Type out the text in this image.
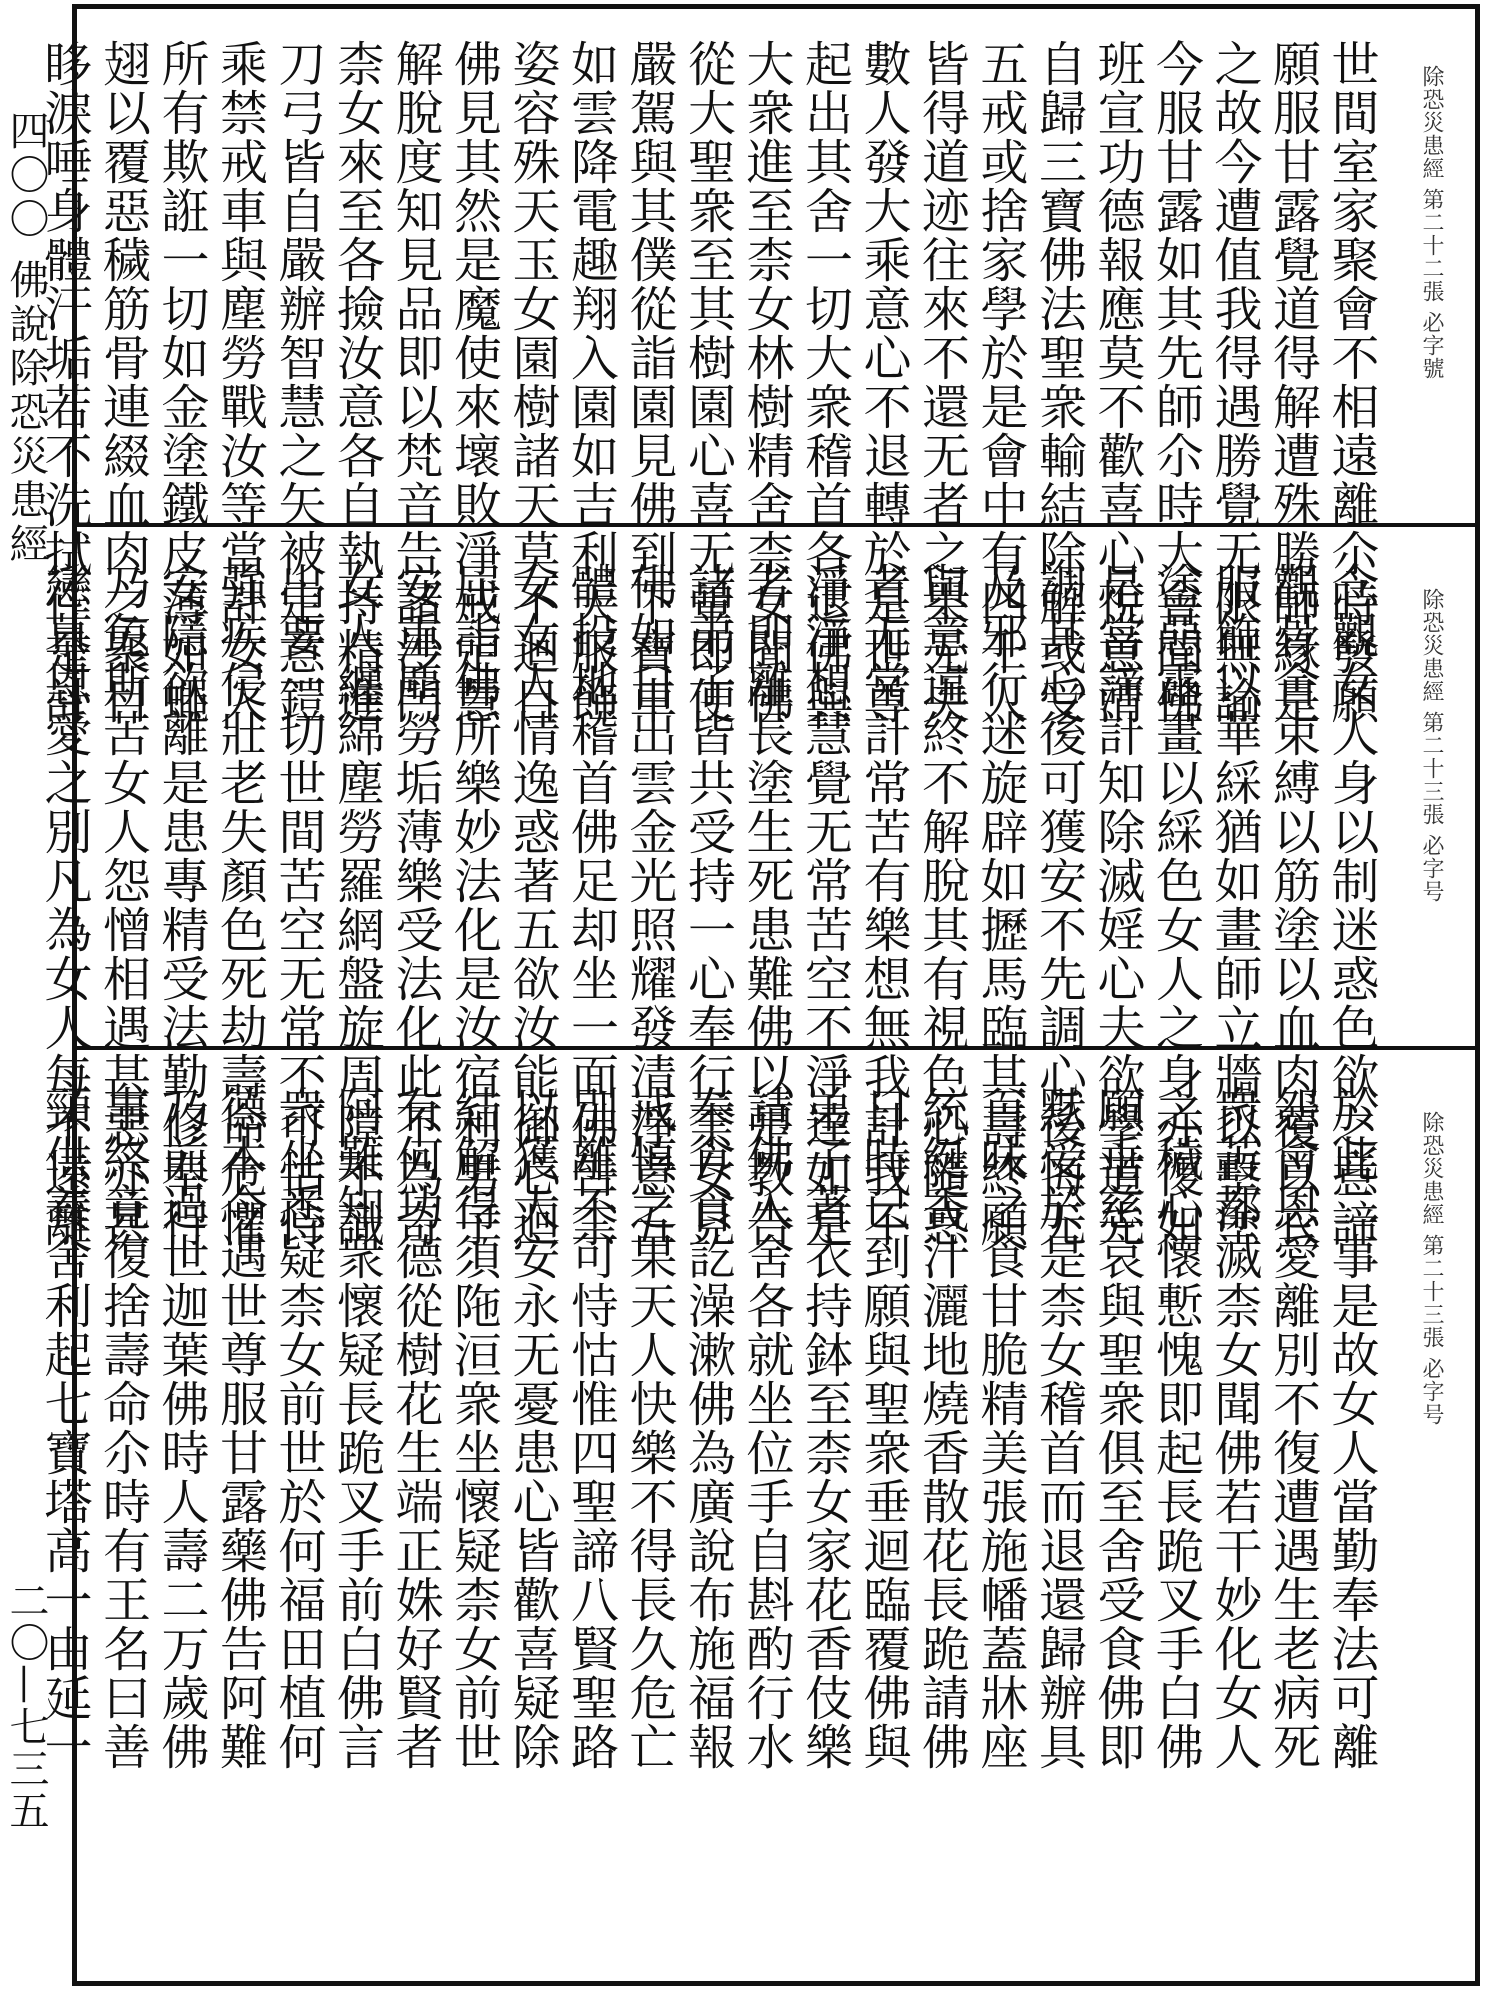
四〇〇 佛說除恐災患經
二〇—七三五
除恐災患經 第二十二張 必字號
世間室家聚會不相遠離尒時發願
願服甘露覺道得解遭殊勝師緣是
之故今遭值我得遇勝覺无限無諭
今服甘露如其先師尒時大會聞佛
班宣功德報應莫不歡喜心悅意清
自歸三寶佛法聖衆輸結除解或受
五戒或捨家學於是會中有四千人
皆得道迹往來不還无者之果无央
數人發大乘意心不退轉於是世尊
起出其舍一切大衆稽首各退佛與
大衆進至柰女林樹精舍柰女聞佛
從大聖衆至其樹園心喜无量即便
嚴駕與其僕從詣園見佛到下寶車
如雲降電趣翔入園如吉利天服飾
姿容殊天玉女園樹諸天莫不迴目
佛見其然是魔使來壞敗淨戒定慧
解脫度知見品即以梵音告諸沙門
柰女來至各撿汝意各自執持精進
刀弓皆自嚴辦智慧之矢被定意鎧
乘禁戒車與塵勞戰汝等當計女人
所有欺誑一切如金塗鐵皮薄如蠅
翅以覆惡穢筋骨連綴血肉之聚目
眵淚唾身體汗垢若不洗拭作是計
除恐災患經 第二十三張 必字号
念觀女人身以制迷惑色欲之意諦
觀骨舍束縛以筋塗以血肉覆以衣
服飾以華綵猶如畫師立牆以墼塗
塗惡露畫以綵色女人之身亦復如
是當諦計知除滅婬心夫欲學道先
調其心後可獲安不先調心後悔无
及邪行迷旋辟如攊馬臨其壽終願
與意違終不解脫其有視色心隨惑
者无常計常苦有樂想無我計我不
淨淨想慧覺无常苦空不淨達如是
者即離長塗生死患難佛以是教告
諸弟子皆共受持一心奉行柰女見
佛如日出雲金光照耀發清淨意五
體投地稽首佛足却坐一面佛告柰
女女人情逸惑著五欲汝能御心迴
屈詣佛所樂妙法化是汝宿利男子
安重塵勞垢薄樂受法化此不為奇
女人纏綿塵勞羅網盤旋周障不識
出要一切世間苦空无常不可怙恃
強疾侵壯老失顏色死劫壽命危懼
安隱欲離是患專精受法勤修奉行
乃免斯苦女人怨憎相遇甚惡亦甚
戀慕恩愛之別凡為女人每不遠離
除恐災患經 第二十三張 必字号
於此二事是故女人當勤奉法可離
怨會恩愛離別不復遭遇生老病死
衆苦都滅柰女聞佛若干妙化女人
之穢心懷慙愧即起長跪叉手白佛
願垂慈哀與聖衆俱至舍受食佛即
默受於是柰女稽首而退還歸辦具
百味之食甘脆精美張施幡蓋牀座
統綖香汁灑地燒香散花長跪請佛
日時已到願與聖衆垂迴臨覆佛與
弟子著衣持鉢至柰女家花香伎樂
請佛入舍各就坐位手自斟酌行水
奉食食訖澡漱佛為廣說布施福報
戒慎之果天人快樂不得長久危亡
別離不可恃怙惟四聖諦八賢聖路
以獲大安永无憂患心皆歡喜疑除
結解得須陁洹衆坐懷疑柰女前世
有何功德從樹花生端正姝好賢者
阿難知衆懷疑長跪叉手前白佛言
衆坐悉疑柰女前世於何福田植何
德本今遇世尊服甘露藥佛告阿難
乃前過世迦葉佛時人壽二万歲佛
事終竟復捨壽命尒時有王名曰善
頸供養舍利起七寶塔高一由延一
